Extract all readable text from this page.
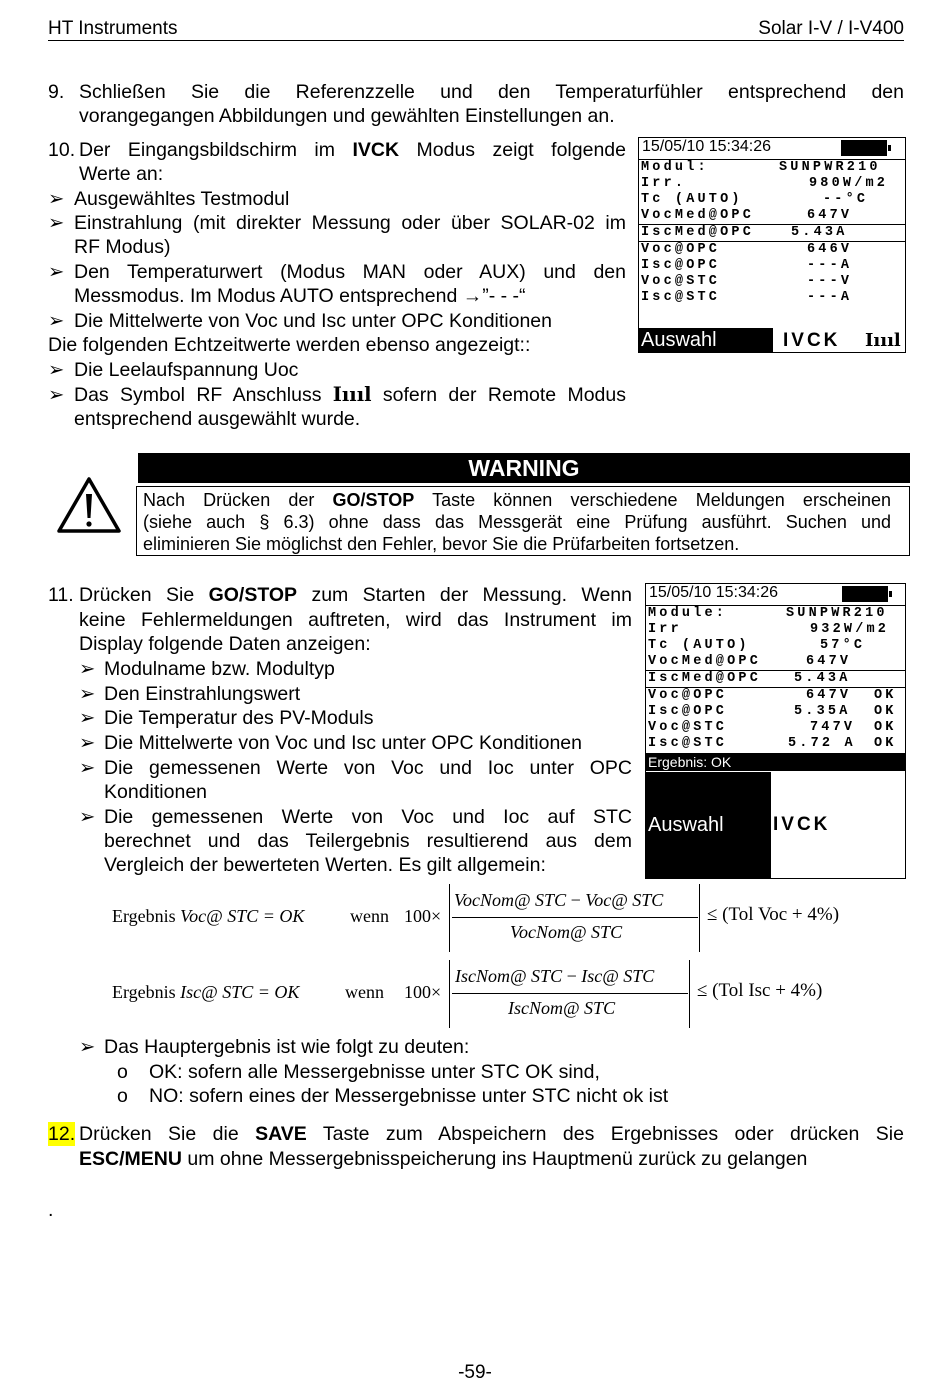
HT Instruments	Solar I-V / I-V400
9. Schließen Sie die Referenzzelle und den Temperaturfühler entsprechend den
vorangegangen Abbildungen und gewählten Einstellungen an.
10. Der Eingangsbildschirm im IVCK Modus zeigt folgende
Werte an:
➢ Ausgewähltes Testmodul
➢ Einstrahlung (mit direkter Messung oder über SOLAR-02 im
RF Modus)
➢ Den Temperaturwert (Modus MAN oder AUX) und den
Messmodus. Im Modus AUTO entsprechend →”- - -“
➢ Die Mittelwerte von Voc und Isc unter OPC Konditionen
Die folgenden Echtzeitwerte werden ebenso angezeigt::
➢ Die Leelaufspannung Uoc
➢ Das Symbol RF Anschluss Iıııl sofern der Remote Modus
entsprechend ausgewählt wurde.
15/05/10 15:34:26
Modul:	SUNPWR210
Irr.	980W/m2
Tc (AUTO)	--°C
VocMed@OPC	647V
IscMed@OPC	5.43A
Voc@OPC	646V
Isc@OPC	---A
Voc@STC	---V
Isc@STC	---A
Auswahl	IVCK Iıııl
WARNING
Nach Drücken der GO/STOP Taste können verschiedene Meldungen erscheinen
(siehe auch § 6.3) ohne dass das Messgerät eine Prüfung ausführt. Suchen und
eliminieren Sie möglichst den Fehler, bevor Sie die Prüfarbeiten fortsetzen.
11. Drücken Sie GO/STOP zum Starten der Messung. Wenn
keine Fehlermeldungen auftreten, wird das Instrument im
Display folgende Daten anzeigen:
➢ Modulname bzw. Modultyp
➢ Den Einstrahlungswert
➢ Die Temperatur des PV-Moduls
➢ Die Mittelwerte von Voc und Isc unter OPC Konditionen
➢ Die gemessenen Werte von Voc und Ioc unter OPC
Konditionen
➢ Die gemessenen Werte von Voc und Ioc auf STC
berechnet und das Teilergebnis resultierend aus dem
Vergleich der bewerteten Werten. Es gilt allgemein:
15/05/10 15:34:26
Module:	SUNPWR210
Irr	932W/m2
Tc (AUTO)	57°C
VocMed@OPC	647V
IscMed@OPC 5.43A
Voc@OPC	647V OK
Isc@OPC	5.35A OK
Voc@STC	747V OK
Isc@STC	5.72 A OK
Ergebnis: OK
Auswahl	IVCK
Ergebnis Voc@ STC = OK	wenn 100×
VocNom@ STC − Voc@ STC
VocNom@ STC
≤ (Tol Voc + 4%)
Ergebnis Isc@ STC = OK	wenn 100×
IscNom@ STC − Isc@ STC
IscNom@ STC
≤ (Tol Isc + 4%)
➢ Das Hauptergebnis ist wie folgt zu deuten:
o OK: sofern alle Messergebnisse unter STC OK sind,
o NO: sofern eines der Messergebnisse unter STC nicht ok ist
12. Drücken Sie die SAVE Taste zum Abspeichern des Ergebnisses oder drücken Sie
ESC/MENU um ohne Messergebnisspeicherung ins Hauptmenü zurück zu gelangen
.
-59-
